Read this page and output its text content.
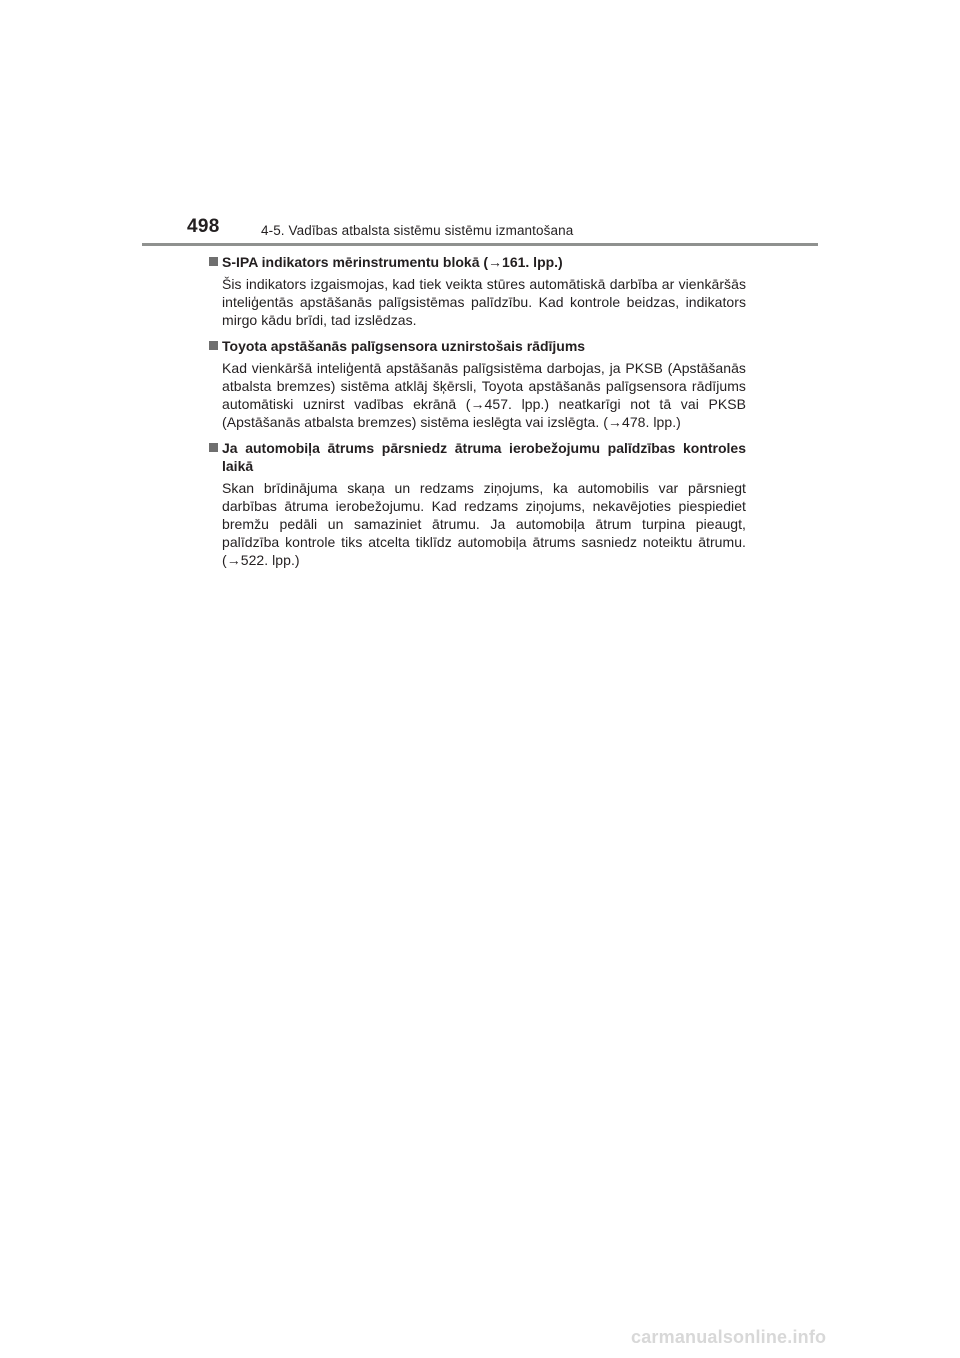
498	4-5. Vadības atbalsta sistēmu sistēmu izmantošana
S-IPA indikators mērinstrumentu blokā (→161. lpp.)
Šis indikators izgaismojas, kad tiek veikta stūres automātiskā darbība ar vienkāršās inteliģentās apstāšanās palīgsistēmas palīdzību. Kad kontrole beidzas, indikators mirgo kādu brīdi, tad izslēdzas.
Toyota apstāšanās palīgsensora uznirstošais rādījums
Kad vienkāršā inteliģentā apstāšanās palīgsistēma darbojas, ja PKSB (Apstāšanās atbalsta bremzes) sistēma atklāj šķērsli, Toyota apstāšanās palīgsensora rādījums automātiski uznirst vadības ekrānā (→457. lpp.) neatkarīgi not tā vai PKSB (Apstāšanās atbalsta bremzes) sistēma ieslēgta vai izslēgta. (→478. lpp.)
Ja automobiļa ātrums pārsniedz ātruma ierobežojumu palīdzības kontroles laikā
Skan brīdinājuma skaņa un redzams ziņojums, ka automobilis var pārsniegt darbības ātruma ierobežojumu. Kad redzams ziņojums, nekavējoties piespiediet bremžu pedāli un samaziniet ātrumu. Ja automobiļa ātrum turpina pieaugt, palīdzība kontrole tiks atcelta tiklīdz automobiļa ātrums sasniedz noteiktu ātrumu. (→522. lpp.)
carmanualsonline.info
